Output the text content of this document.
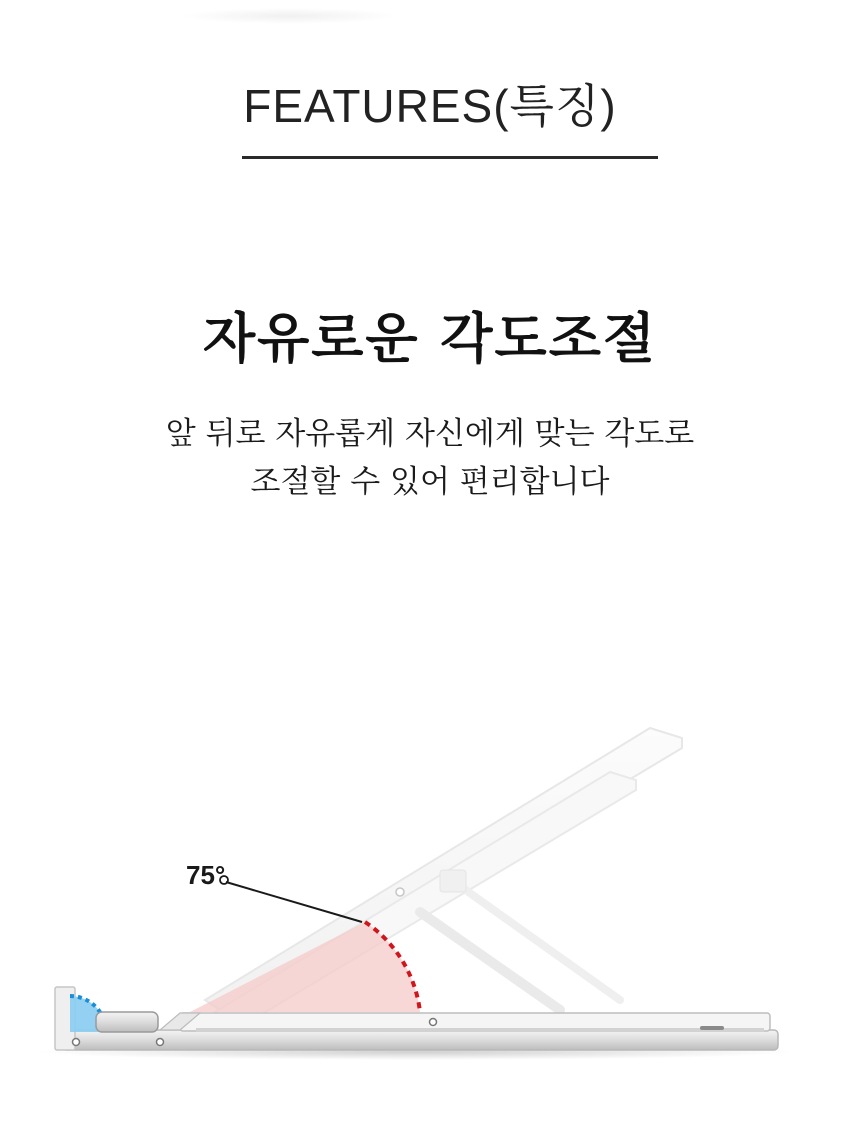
FEATURES(특징)
자유로운 각도조절
앞 뒤로 자유롭게 자신에게 맞는 각도로
조절할 수 있어 편리합니다
75°
